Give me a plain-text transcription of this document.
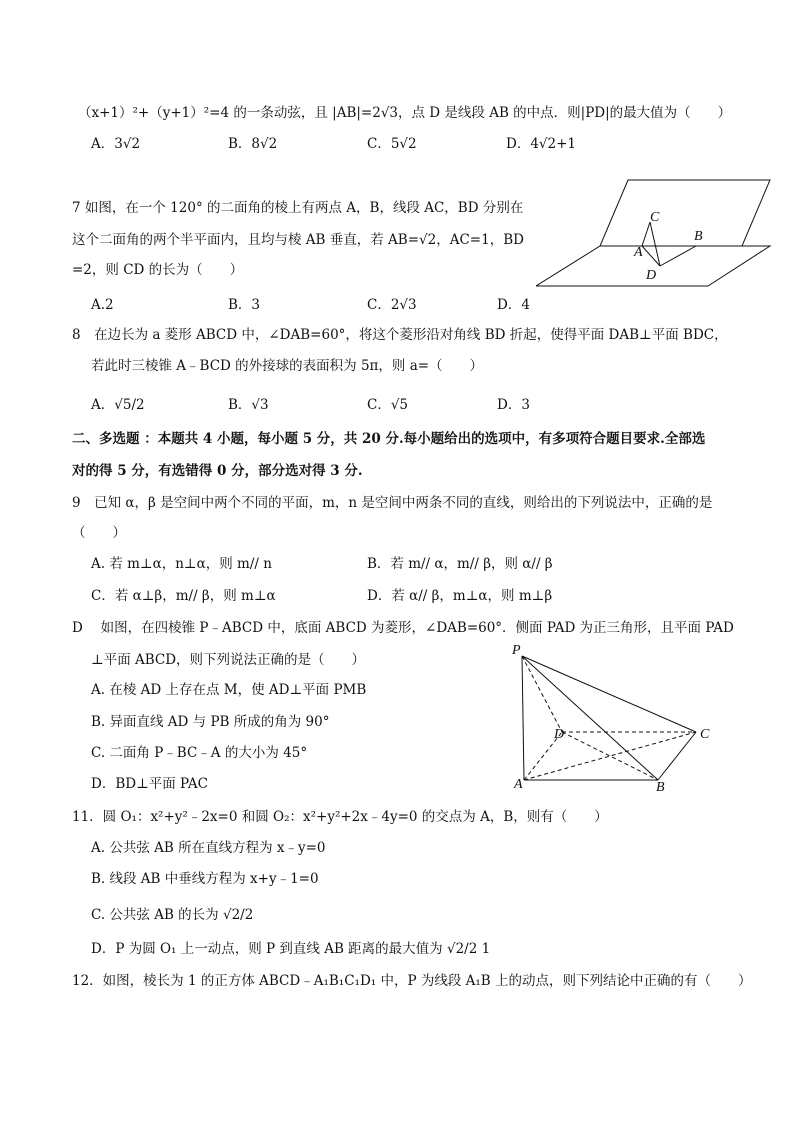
（x+1）²+（y+1）²=4 的一条动弦，且 |AB|=2√3，点 D 是线段 AB 的中点．则|PD|的最大值为（　　）
A．3√2	B．8√2	C．5√2	D．4√2+1
7 如图，在一个 120° 的二面角的棱上有两点 A，B，线段 AC，BD 分别在
这个二面角的两个半平面内，且均与棱 AB 垂直，若 AB=√2，AC=1，BD
=2，则 CD 的长为（　　）
A.2	B．3	C．2√3	D．4
C
B
A
D
8　在边长为 a 菱形 ABCD 中，∠DAB=60°，将这个菱形沿对角线 BD 折起，使得平面 DAB⊥平面 BDC，
若此时三棱锥 A﹣BCD 的外接球的表面积为 5π，则 a=（　　）
A．√5/2	B．√3	C．√5	D．3
二、多选题 ：本题共 4 小题，每小题 5 分，共 20 分.每小题给出的选项中，有多项符合题目要求.全部选
对的得 5 分，有选错得 0 分，部分选对得 3 分.
9　已知 α，β 是空间中两个不同的平面，m，n 是空间中两条不同的直线，则给出的下列说法中，正确的是
（　　）
A. 若 m⊥α，n⊥α，则 m// n	B．若 m// α，m// β，则 α// β
C．若 α⊥β，m// β，则 m⊥α	D．若 α// β，m⊥α，则 m⊥β
D　 如图，在四棱锥 P﹣ABCD 中，底面 ABCD 为菱形，∠DAB=60°．侧面 PAD 为正三角形，且平面 PAD
⊥平面 ABCD，则下列说法正确的是（　　）
A. 在棱 AD 上存在点 M，使 AD⊥平面 PMB
B. 异面直线 AD 与 PB 所成的角为 90°
C. 二面角 P﹣BC﹣A 的大小为 45°
D．BD⊥平面 PAC
P
D	C
A	B
11．圆 O₁：x²+y²﹣2x=0 和圆 O₂：x²+y²+2x﹣4y=0 的交点为 A，B，则有（　　）
A. 公共弦 AB 所在直线方程为 x﹣y=0
B. 线段 AB 中垂线方程为 x+y﹣1=0
C. 公共弦 AB 的长为 √2/2
D．P 为圆 O₁ 上一动点，则 P 到直线 AB 距离的最大值为 √2/2 1
12．如图，棱长为 1 的正方体 ABCD﹣A₁B₁C₁D₁ 中，P 为线段 A₁B 上的动点，则下列结论中正确的有（　　）
